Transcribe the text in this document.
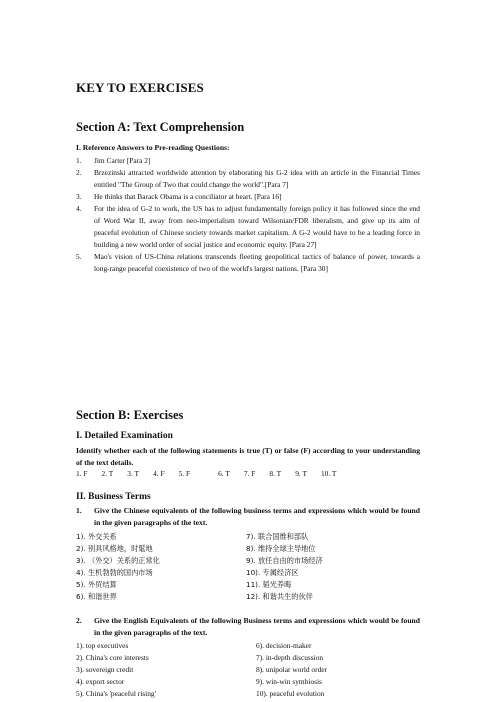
KEY TO EXERCISES
Section A: Text Comprehension
I. Reference Answers to Pre-reading Questions:
1. Jim Carter [Para 2]
2. Brzezinski attracted worldwide attention by elaborating his G-2 idea with an article in the Financial Times entitled "The Group of Two that could change the world".[Para 7]
3. He thinks that Barack Obama is a conciliator at heart. [Para 16]
4. For the idea of G-2 to work, the US has to adjust fundamentally foreign policy it has followed since the end of Word War II, away from neo-imperialism toward Wilsonian/FDR liberalism, and give up its aim of peaceful evolution of Chinese society towards market capitalism. A G-2 would have to be a leading force in building a new world order of social justice and economic equity. [Para 27]
5. Mao's vision of US-China relations transcends fleeting geopolitical tactics of balance of power, towards a long-range peaceful coexistence of two of the world's largest nations. [Para 30]
Section B: Exercises
I. Detailed Examination
Identify whether each of the following statements is true (T) or false (F) according to your understanding of the text details.
1. F 2. T 3. T 4. F 5. F	6. T 7. F 8. T 9. T 10. T
II. Business Terms
1.	Give the Chinese equivalents of the following business terms and expressions which would be found in the given paragraphs of the text.
1). 外交关系
2). 别具风格地，时髦地
3). （外交）关系的正常化
4). 生机勃勃的国内市场
5). 外贸结算
6). 和谐世界
7). 联合国维和部队
8). 维持全球主导地位
9). 放任自由的市场经济
10). 专属经济区
11). 韬光养晦
12). 和谐共生的伙伴
2.	Give the English Equivalents of the following Business terms and expressions which would be found in the given paragraphs of the text.
1). top executives
2). China's core interests
3). sovereign credit
4). export sector
5). China's 'peaceful rising'
6). decision-maker
7). in-depth discussion
8). unipolar world order
9). win-win symbiosis
10). peaceful evolution
